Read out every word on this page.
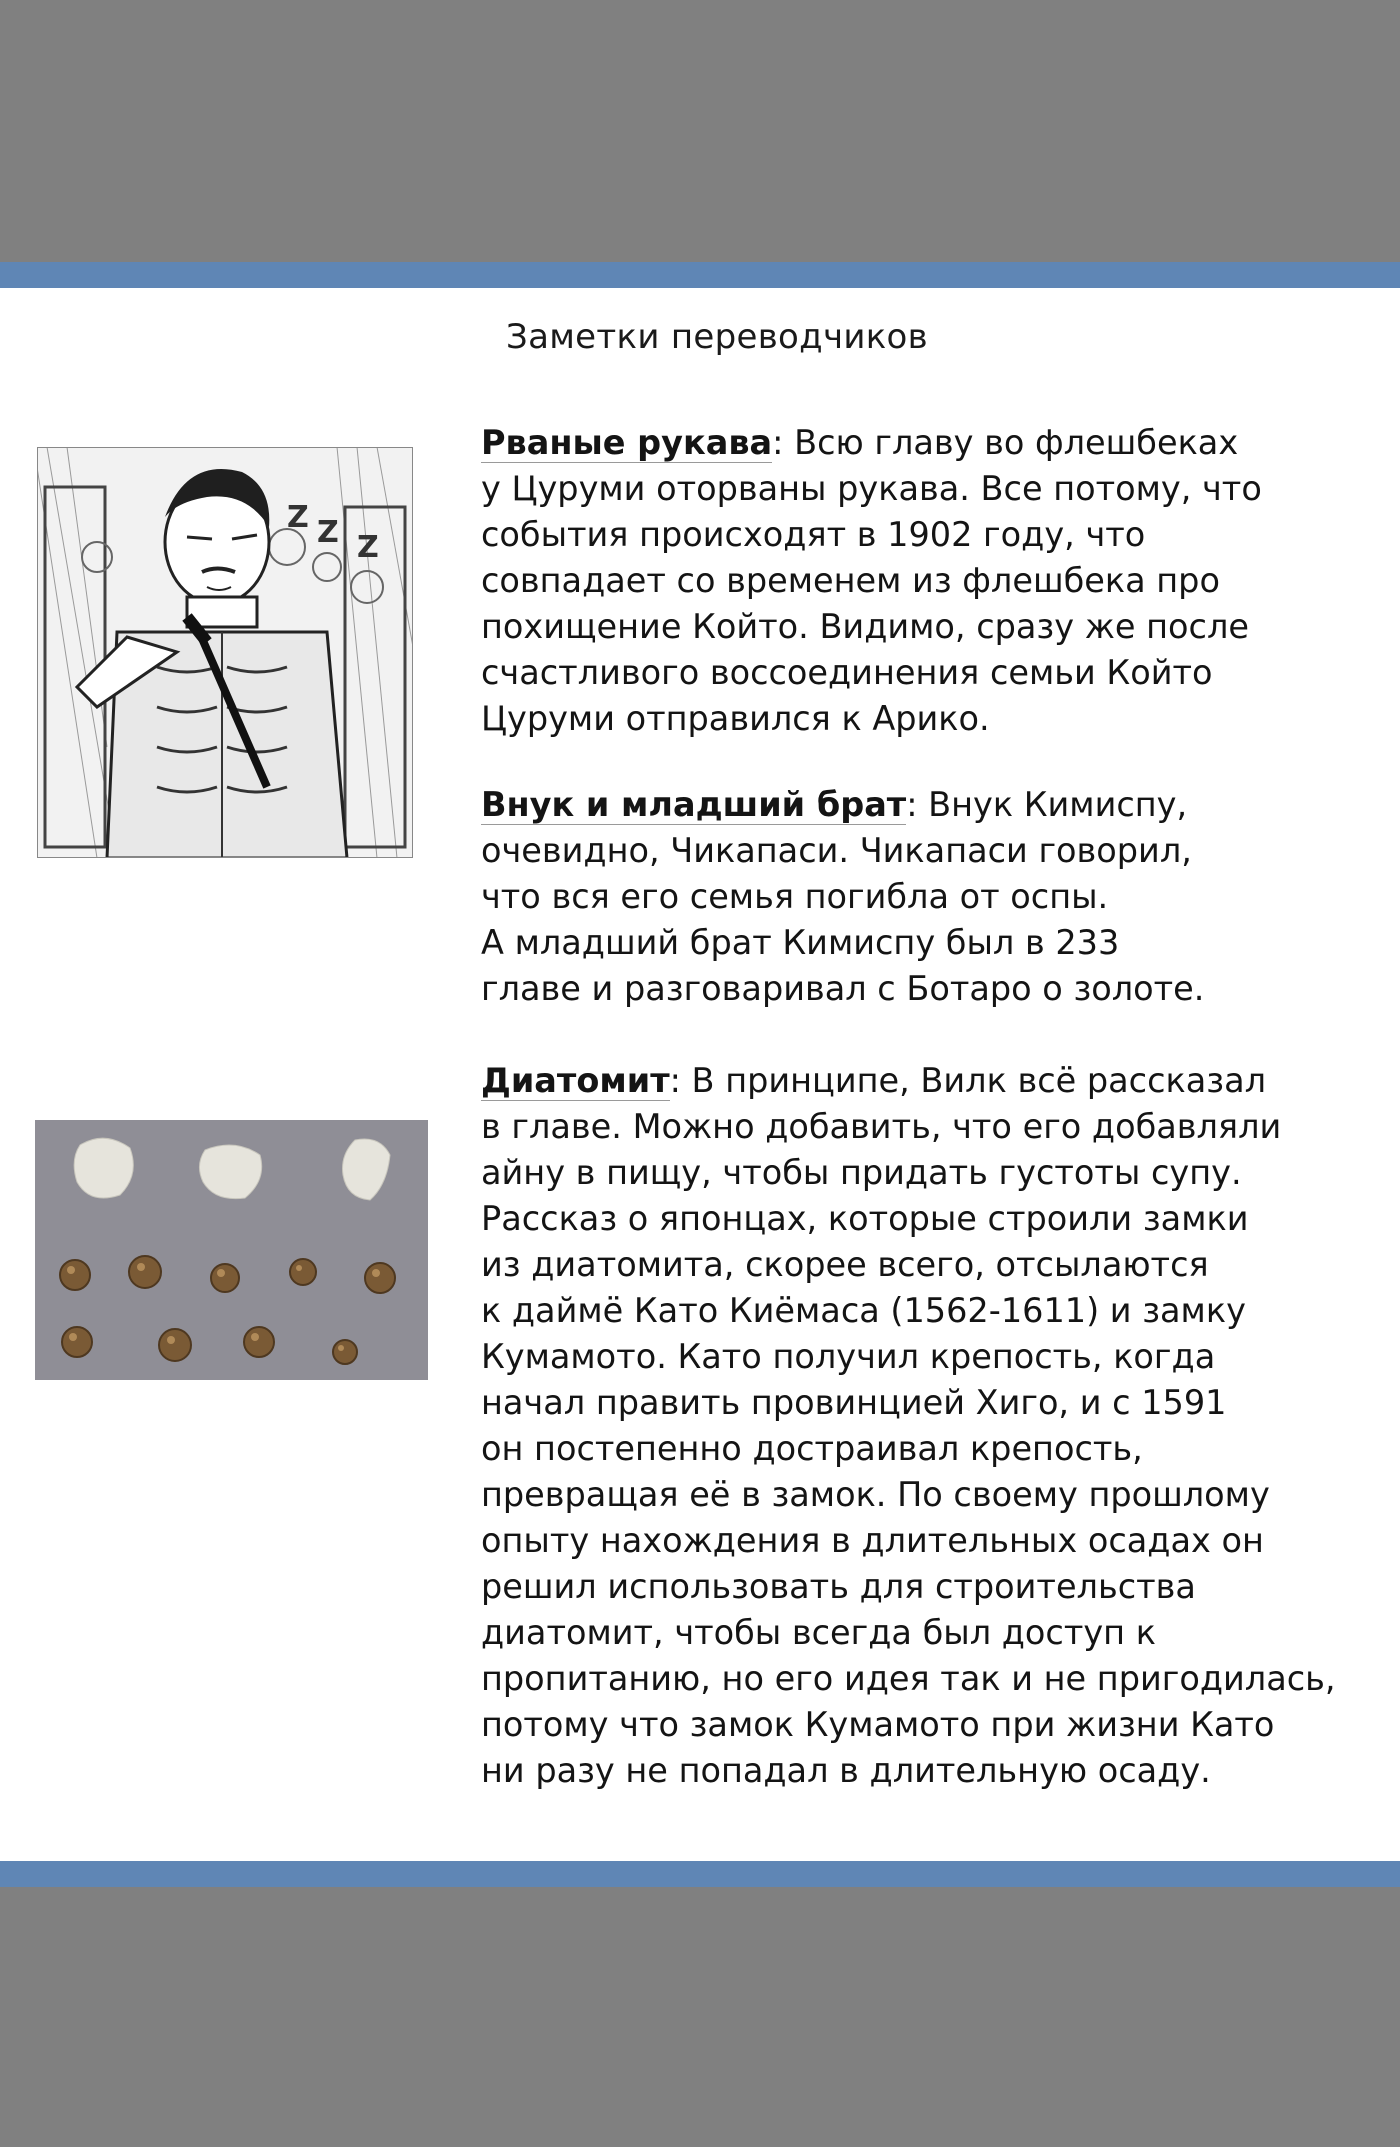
Заметки переводчиков
Z Z Z
Рваные рукава: Всю главу во флешбеках
у Цуруми оторваны рукава. Все потому, что
события происходят в 1902 году, что
совпадает со временем из флешбека про
похищение Който. Видимо, сразу же после
счастливого воссоединения семьи Който
Цуруми отправился к Арико.
Внук и младший брат: Внук Кимиспу,
очевидно, Чикапаси. Чикапаси говорил,
что вся его семья погибла от оспы.
А младший брат Кимиспу был в 233
главе и разговаривал с Ботаро о золоте.
Диатомит: В принципе, Вилк всё рассказал
в главе. Можно добавить, что его добавляли
айну в пищу, чтобы придать густоты супу.
Рассказ о японцах, которые строили замки
из диатомита, скорее всего, отсылаются
к даймё Като Киёмаса (1562-1611) и замку
Кумамото. Като получил крепость, когда
начал править провинцией Хиго, и с 1591
он постепенно достраивал крепость,
превращая её в замок. По своему прошлому
опыту нахождения в длительных осадах он
решил использовать для строительства
диатомит, чтобы всегда был доступ к
пропитанию, но его идея так и не пригодилась,
потому что замок Кумамото при жизни Като
ни разу не попадал в длительную осаду.
